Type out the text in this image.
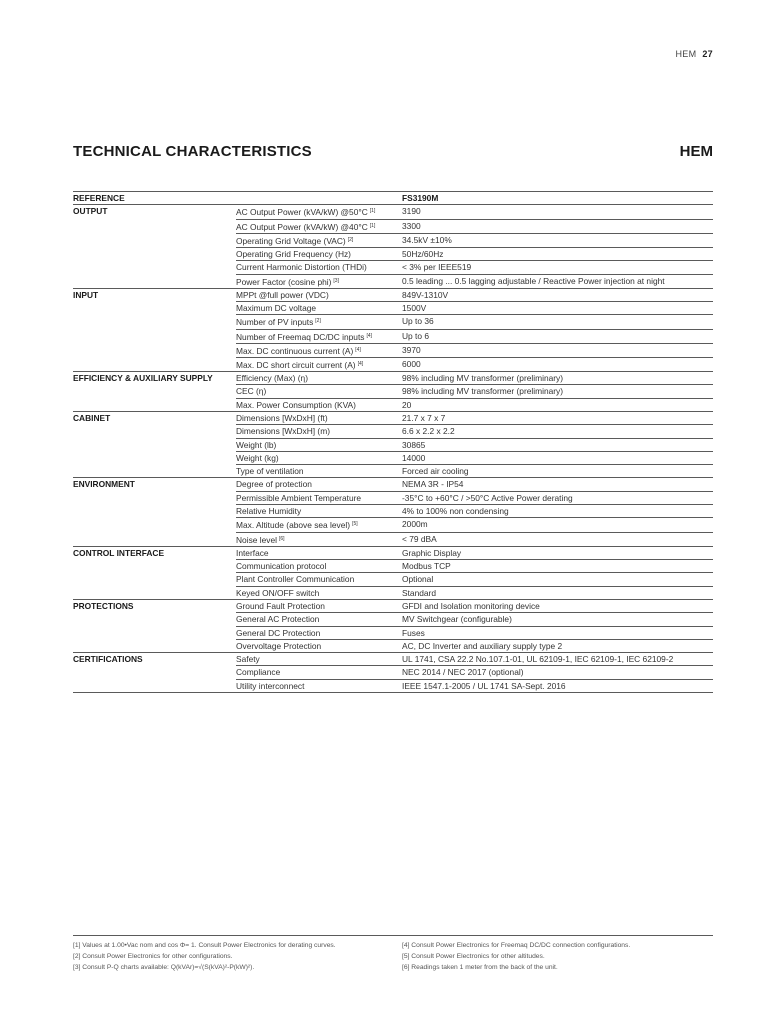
HEM 27
TECHNICAL CHARACTERISTICS	HEM
REFERENCE		FS3190M
OUTPUT	AC Output Power (kVA/kW) @50°C [1]	3190
	AC Output Power (kVA/kW) @40°C [1]	3300
	Operating Grid Voltage (VAC) [2]	34.5kV ±10%
	Operating Grid Frequency (Hz)	50Hz/60Hz
	Current Harmonic Distortion (THDi)	< 3% per IEEE519
	Power Factor (cosine phi) [3]	0.5 leading ... 0.5 lagging adjustable / Reactive Power injection at night
INPUT	MPPt @full power (VDC)	849V-1310V
	Maximum DC voltage	1500V
	Number of PV inputs [2]	Up to 36
	Number of Freemaq DC/DC inputs [4]	Up to 6
	Max. DC continuous current (A) [4]	3970
	Max. DC short circuit current (A) [4]	6000
EFFICIENCY & AUXILIARY SUPPLY	Efficiency (Max) (η)	98% including MV transformer (preliminary)
	CEC (η)	98% including MV transformer (preliminary)
	Max. Power Consumption (KVA)	20
CABINET	Dimensions [WxDxH] (ft)	21.7 x 7 x 7
	Dimensions [WxDxH] (m)	6.6 x 2.2 x 2.2
	Weight (lb)	30865
	Weight (kg)	14000
	Type of ventilation	Forced air cooling
ENVIRONMENT	Degree of protection	NEMA 3R - IP54
	Permissible Ambient Temperature	-35°C to +60°C / >50°C Active Power derating
	Relative Humidity	4% to 100% non condensing
	Max. Altitude (above sea level) [5]	2000m
	Noise level [6]	< 79 dBA
CONTROL INTERFACE	Interface	Graphic Display
	Communication protocol	Modbus TCP
	Plant Controller Communication	Optional
	Keyed ON/OFF switch	Standard
PROTECTIONS	Ground Fault Protection	GFDI and Isolation monitoring device
	General AC Protection	MV Switchgear (configurable)
	General DC Protection	Fuses
	Overvoltage Protection	AC, DC Inverter and auxiliary supply type 2
CERTIFICATIONS	Safety	UL 1741, CSA 22.2 No.107.1-01, UL 62109-1, IEC 62109-1, IEC 62109-2
	Compliance	NEC 2014 / NEC 2017 (optional)
	Utility interconnect	IEEE 1547.1-2005 / UL 1741 SA-Sept. 2016
[1] Values at 1.00•Vac nom and cos Φ= 1. Consult Power Electronics for derating curves.
[2] Consult Power Electronics for other configurations.
[3] Consult P-Q charts available: Q(kVAr)=√(S(kVA)²-P(kW)²).
[4] Consult Power Electronics for Freemaq DC/DC connection configurations.
[5] Consult Power Electronics for other altitudes.
[6] Readings taken 1 meter from the back of the unit.
